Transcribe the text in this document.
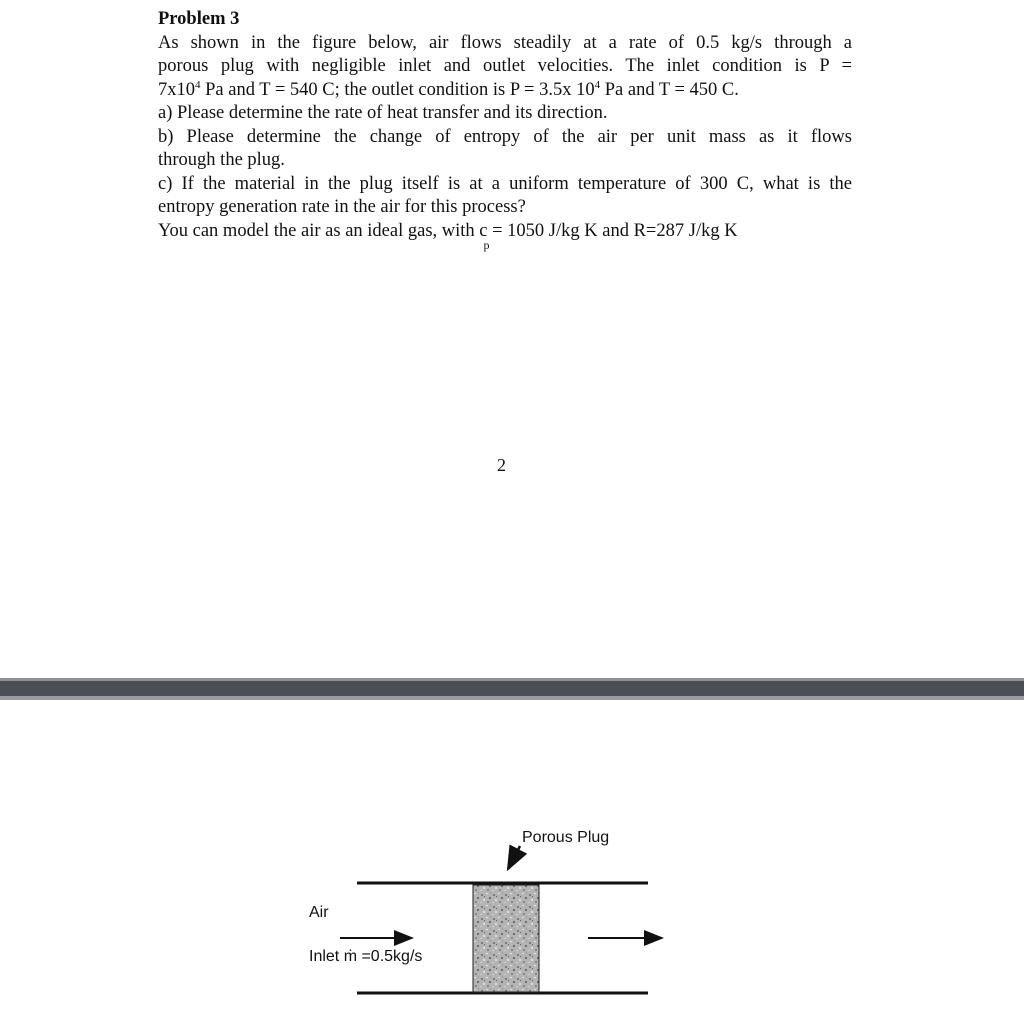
Problem 3

As shown in the figure below, air flows steadily at a rate of 0.5 kg/s through a

porous plug with negligible inlet and outlet velocities. The inlet condition is P =

$7x10^4$ Pa and T = 540 C; the outlet condition is P = 3.5x $10^4$ Pa and T = 450 C.

a) Please determine the rate of heat transfer and its direction.

b) Please determine the change of entropy of the air per unit mass as it flows

through the plug.

c) If the material in the plug itself is at a uniform temperature of 300 C, what is the

entropy generation rate in the air for this process?

You can model the air as an ideal gas, with c
p
= 1050 J/kg K and R=287 J/kg K

2
Porous Plug
Air
Inlet ṁ =0.5kg/s
